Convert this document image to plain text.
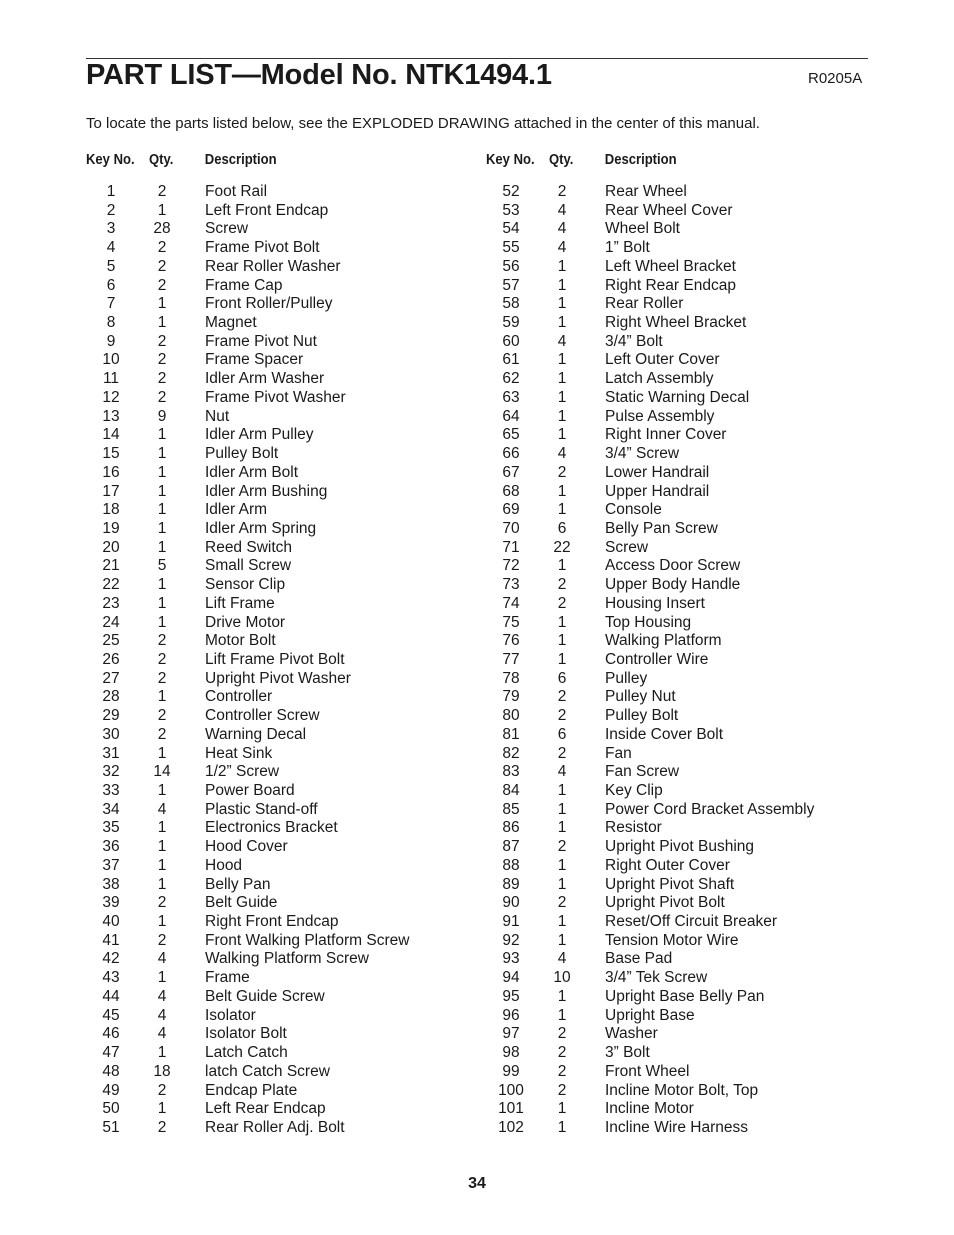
PART LIST—Model No. NTK1494.1	R0205A
To locate the parts listed below, see the EXPLODED DRAWING attached in the center of this manual.
Key No. Qty. Description
1	2	Foot Rail
2	1	Left Front Endcap
3	28	Screw
4	2	Frame Pivot Bolt
5	2	Rear Roller Washer
6	2	Frame Cap
7	1	Front Roller/Pulley
8	1	Magnet
9	2	Frame Pivot Nut
10	2	Frame Spacer
11	2	Idler Arm Washer
12	2	Frame Pivot Washer
13	9	Nut
14	1	Idler Arm Pulley
15	1	Pulley Bolt
16	1	Idler Arm Bolt
17	1	Idler Arm Bushing
18	1	Idler Arm
19	1	Idler Arm Spring
20	1	Reed Switch
21	5	Small Screw
22	1	Sensor Clip
23	1	Lift Frame
24	1	Drive Motor
25	2	Motor Bolt
26	2	Lift Frame Pivot Bolt
27	2	Upright Pivot Washer
28	1	Controller
29	2	Controller Screw
30	2	Warning Decal
31	1	Heat Sink
32	14	1/2” Screw
33	1	Power Board
34	4	Plastic Stand-off
35	1	Electronics Bracket
36	1	Hood Cover
37	1	Hood
38	1	Belly Pan
39	2	Belt Guide
40	1	Right Front Endcap
41	2	Front Walking Platform Screw
42	4	Walking Platform Screw
43	1	Frame
44	4	Belt Guide Screw
45	4	Isolator
46	4	Isolator Bolt
47	1	Latch Catch
48	18	latch Catch Screw
49	2	Endcap Plate
50	1	Left Rear Endcap
51	2	Rear Roller Adj. Bolt
Key No. Qty. Description
52	2	Rear Wheel
53	4	Rear Wheel Cover
54	4	Wheel Bolt
55	4	1” Bolt
56	1	Left Wheel Bracket
57	1	Right Rear Endcap
58	1	Rear Roller
59	1	Right Wheel Bracket
60	4	3/4” Bolt
61	1	Left Outer Cover
62	1	Latch Assembly
63	1	Static Warning Decal
64	1	Pulse Assembly
65	1	Right Inner Cover
66	4	3/4” Screw
67	2	Lower Handrail
68	1	Upper Handrail
69	1	Console
70	6	Belly Pan Screw
71	22	Screw
72	1	Access Door Screw
73	2	Upper Body Handle
74	2	Housing Insert
75	1	Top Housing
76	1	Walking Platform
77	1	Controller Wire
78	6	Pulley
79	2	Pulley Nut
80	2	Pulley Bolt
81	6	Inside Cover Bolt
82	2	Fan
83	4	Fan Screw
84	1	Key Clip
85	1	Power Cord Bracket Assembly
86	1	Resistor
87	2	Upright Pivot Bushing
88	1	Right Outer Cover
89	1	Upright Pivot Shaft
90	2	Upright Pivot Bolt
91	1	Reset/Off Circuit Breaker
92	1	Tension Motor Wire
93	4	Base Pad
94	10	3/4” Tek Screw
95	1	Upright Base Belly Pan
96	1	Upright Base
97	2	Washer
98	2	3” Bolt
99	2	Front Wheel
100	2	Incline Motor Bolt, Top
101	1	Incline Motor
102	1	Incline Wire Harness
34
